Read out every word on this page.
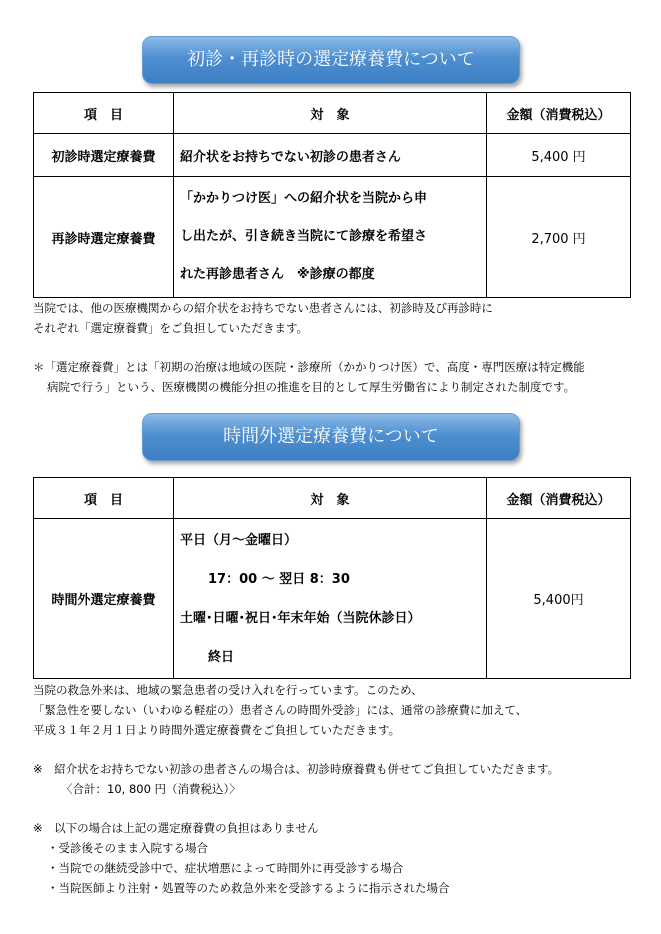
初診・再診時の選定療養費について
項　目	対　象	金額（消費税込）
初診時選定療養費	紹介状をお持ちでない初診の患者さん	5,400 円
再診時選定療養費	「かかりつけ医」への紹介状を当院から申
し出たが、引き続き当院にて診療を希望さ
れた再診患者さん　※診療の都度	2,700 円
当院では、他の医療機関からの紹介状をお持ちでない患者さんには、初診時及び再診時に
それぞれ「選定療養費」をご負担していただきます。
＊「選定療養費」とは「初期の治療は地域の医院・診療所（かかりつけ医）で、高度・専門医療は特定機能
病院で行う」という、医療機関の機能分担の推進を目的として厚生労働省により制定された制度です。
時間外選定療養費について
項　目	対　象	金額（消費税込）
時間外選定療養費	平日（月～金曜日）
17：00 ～ 翌日 8：30
土曜･日曜･祝日･年末年始（当院休診日）
終日	5,400円
当院の救急外来は、地域の緊急患者の受け入れを行っています。このため、
「緊急性を要しない（いわゆる軽症の）患者さんの時間外受診」には、通常の診療費に加えて、
平成３１年２月１日より時間外選定療養費をご負担していただきます。
※　紹介状をお持ちでない初診の患者さんの場合は、初診時療養費も併せてご負担していただきます。
〈合計：10, 800 円（消費税込）〉
※　以下の場合は上記の選定療養費の負担はありません
・受診後そのまま入院する場合
・当院での継続受診中で、症状増悪によって時間外に再受診する場合
・当院医師より注射・処置等のため救急外来を受診するように指示された場合
